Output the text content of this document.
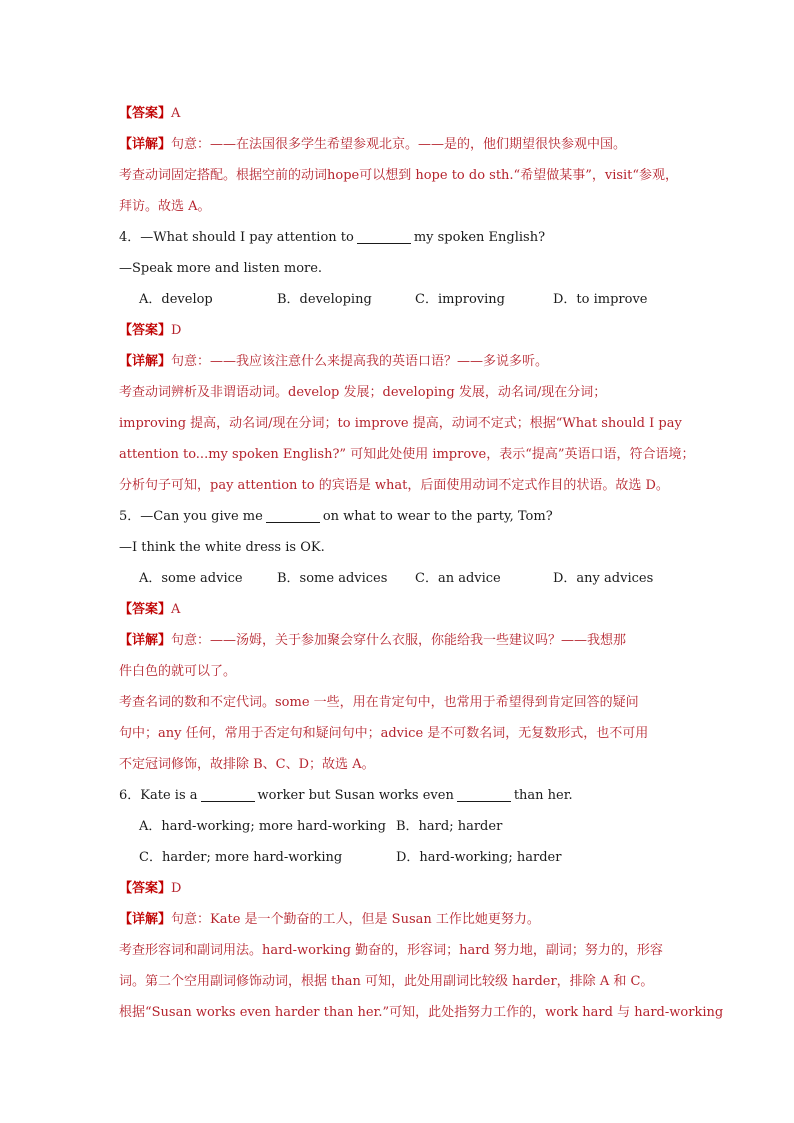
【答案】A
【详解】句意：——在法国很多学生希望参观北京。——是的，他们期望很快参观中国。
考查动词固定搭配。根据空前的动词hope可以想到 hope to do sth.“希望做某事”，visit“参观，
拜访。故选 A。
4．—What should I pay attention to	my spoken English?
—Speak more and listen more.
A．develop	B．developing	C．improving	D．to improve
【答案】D
【详解】句意：——我应该注意什么来提高我的英语口语？——多说多听。
考查动词辨析及非谓语动词。develop 发展；developing 发展，动名词/现在分词；
improving 提高，动名词/现在分词；to improve 提高，动词不定式；根据“What should I pay
attention to...my spoken English?” 可知此处使用 improve，表示“提高”英语口语，符合语境；
分析句子可知，pay attention to 的宾语是 what，后面使用动词不定式作目的状语。故选 D。
5．—Can you give me	on what to wear to the party, Tom?
—I think the white dress is OK.
A．some advice	B．some advices C．an advice	D．any advices
【答案】A
【详解】句意：——汤姆，关于参加聚会穿什么衣服，你能给我一些建议吗？——我想那
件白色的就可以了。
考查名词的数和不定代词。some 一些，用在肯定句中，也常用于希望得到肯定回答的疑问
句中；any 任何，常用于否定句和疑问句中；advice 是不可数名词，无复数形式，也不可用
不定冠词修饰，故排除 B、C、D；故选 A。
6．Kate is a	worker but Susan works even	than her.
A．hard-working; more hard-working B．hard; harder
C．harder; more hard-working	D．hard-working; harder
【答案】D
【详解】句意：Kate 是一个勤奋的工人，但是 Susan 工作比她更努力。
考查形容词和副词用法。hard-working 勤奋的，形容词；hard 努力地，副词；努力的，形容
词。第二个空用副词修饰动词，根据 than 可知，此处用副词比较级 harder，排除 A 和 C。
根据“Susan works even harder than her.”可知，此处指努力工作的，work hard 与 hard-working
